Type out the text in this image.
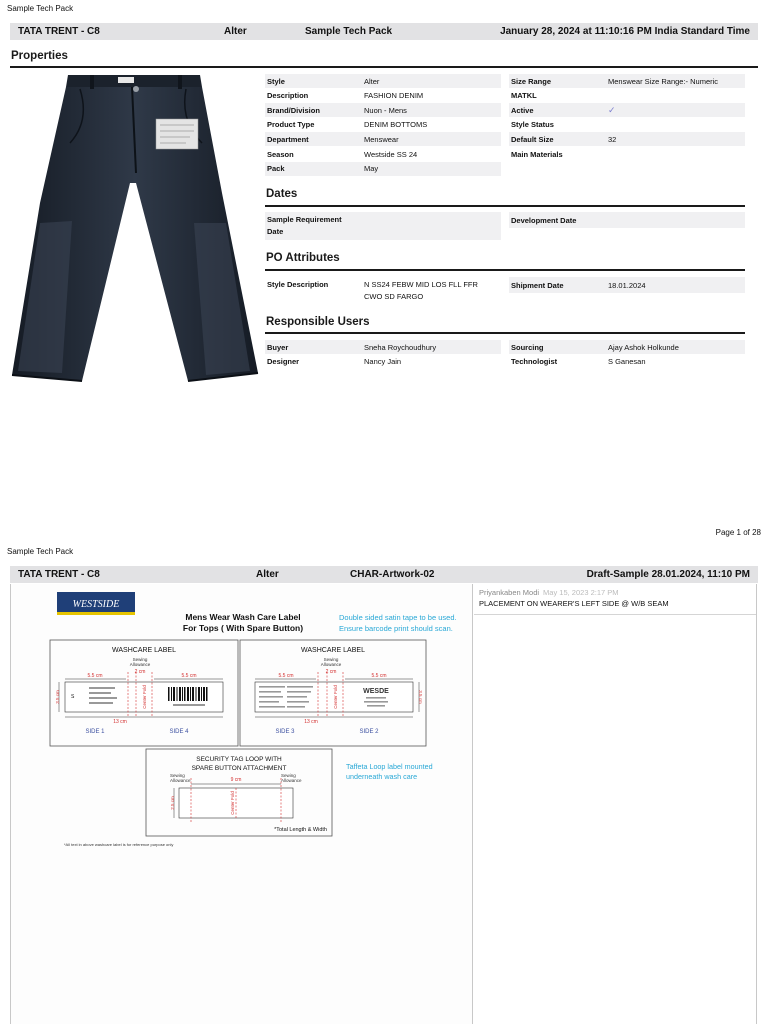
Sample Tech Pack
TATA TRENT - C8	Alter	Sample Tech Pack	January 28, 2024 at 11:10:16 PM India Standard Time
Properties
Style	Alter
Description	FASHION DENIM
Brand/Division	Nuon - Mens
Product Type	DENIM BOTTOMS
Department	Menswear
Season	Westside SS 24
Pack	May
Size Range	Menswear Size Range:- Numeric
MATKL
Active	✓
Style Status
Default Size	32
Main Materials
Dates
Sample Requirement
Date
Development Date
PO Attributes
Style Description	N SS24 FEBW MID LOS FLL FFR
CWO SD FARGO
Shipment Date	18.01.2024
Responsible Users
Buyer	Sneha Roychoudhury	Sourcing	Ajay Ashok Holkunde
Designer	Nancy Jain	Technologist	S Ganesan
Page 1 of 28
Sample Tech Pack
TATA TRENT - C8	Alter	CHAR-Artwork-02	Draft-Sample 28.01.2024, 11:10 PM
WESTSIDE
Mens Wear Wash Care Label
For Tops ( With Spare Button)
Double sided satin tape to be used.
Ensure barcode print should scan.
WASHCARE LABEL
Sewing
Allowance
2 cm
5.5 cm	5.5 cm
Center Fold
S
3.5 cm
13 cm
SIDE 1	SIDE 4
WASHCARE LABEL
Sewing
Allowance
2 cm
5.5 cm	5.5 cm
Center Fold	WESDE	3.5 cm
13 cm
SIDE 3	SIDE 2
SECURITY TAG LOOP WITH
SPARE BUTTON ATTACHMENT
Sewing
Allowance
Sewing
Allowance
9 cm
Center Fold
2.5 cm
*Total Length & Width
Taffeta Loop label mounted
underneath wash care
*All text in above washcare label is for reference purpose only
Priyankaben Modi May 15, 2023 2:17 PM
PLACEMENT ON WEARER'S LEFT SIDE @ W/B SEAM
